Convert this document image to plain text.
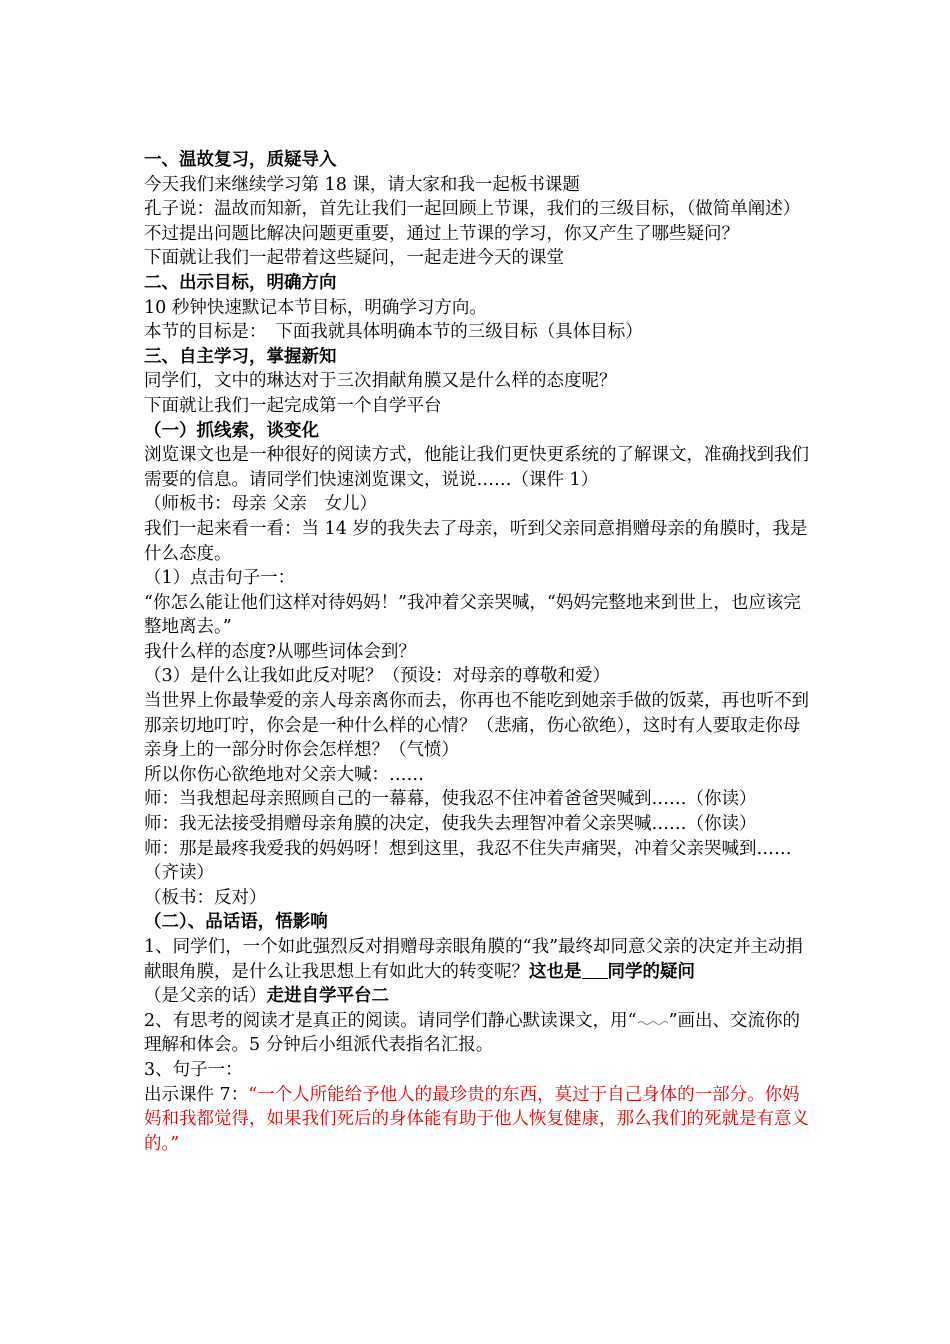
一、温故复习，质疑导入
今天我们来继续学习第 18 课，请大家和我一起板书课题
孔子说：温故而知新，首先让我们一起回顾上节课，我们的三级目标，（做简单阐述）
不过提出问题比解决问题更重要，通过上节课的学习，你又产生了哪些疑问？
下面就让我们一起带着这些疑问，一起走进今天的课堂
二、出示目标，明确方向
10 秒钟快速默记本节目标，明确学习方向。
本节的目标是：　下面我就具体明确本节的三级目标（具体目标）
三、自主学习，掌握新知
同学们，文中的琳达对于三次捐献角膜又是什么样的态度呢？
下面就让我们一起完成第一个自学平台
（一）抓线索，谈变化
浏览课文也是一种很好的阅读方式，他能让我们更快更系统的了解课文，准确找到我们需要的信息。请同学们快速浏览课文，说说……（课件 1）
（师板书：母亲 父亲　女儿）
我们一起来看一看：当 14 岁的我失去了母亲，听到父亲同意捐赠母亲的角膜时，我是什么态度。
（1）点击句子一：
“你怎么能让他们这样对待妈妈！”我冲着父亲哭喊，“妈妈完整地来到世上，也应该完整地离去。”
我什么样的态度?从哪些词体会到？
（3）是什么让我如此反对呢？（预设：对母亲的尊敬和爱）
当世界上你最挚爱的亲人母亲离你而去，你再也不能吃到她亲手做的饭菜，再也听不到那亲切地叮咛，你会是一种什么样的心情？（悲痛，伤心欲绝），这时有人要取走你母亲身上的一部分时你会怎样想？（气愤）
所以你伤心欲绝地对父亲大喊：……
师：当我想起母亲照顾自己的一幕幕，使我忍不住冲着爸爸哭喊到……（你读）
师：我无法接受捐赠母亲角膜的决定，使我失去理智冲着父亲哭喊……（你读）
师：那是最疼我爱我的妈妈呀！想到这里，我忍不住失声痛哭，冲着父亲哭喊到……（齐读）
（板书：反对）
（二）、品话语，悟影响
1、同学们，一个如此强烈反对捐赠母亲眼角膜的“我”最终却同意父亲的决定并主动捐献眼角膜，是什么让我思想上有如此大的转变呢？这也是 同学的疑问
（是父亲的话）走进自学平台二
2、有思考的阅读才是真正的阅读。请同学们静心默读课文，用“ ”画出、交流你的理解和体会。5 分钟后小组派代表指名汇报。
3、句子一：
出示课件 7：“一个人所能给予他人的最珍贵的东西，莫过于自己身体的一部分。你妈妈和我都觉得，如果我们死后的身体能有助于他人恢复健康，那么我们的死就是有意义的。”
